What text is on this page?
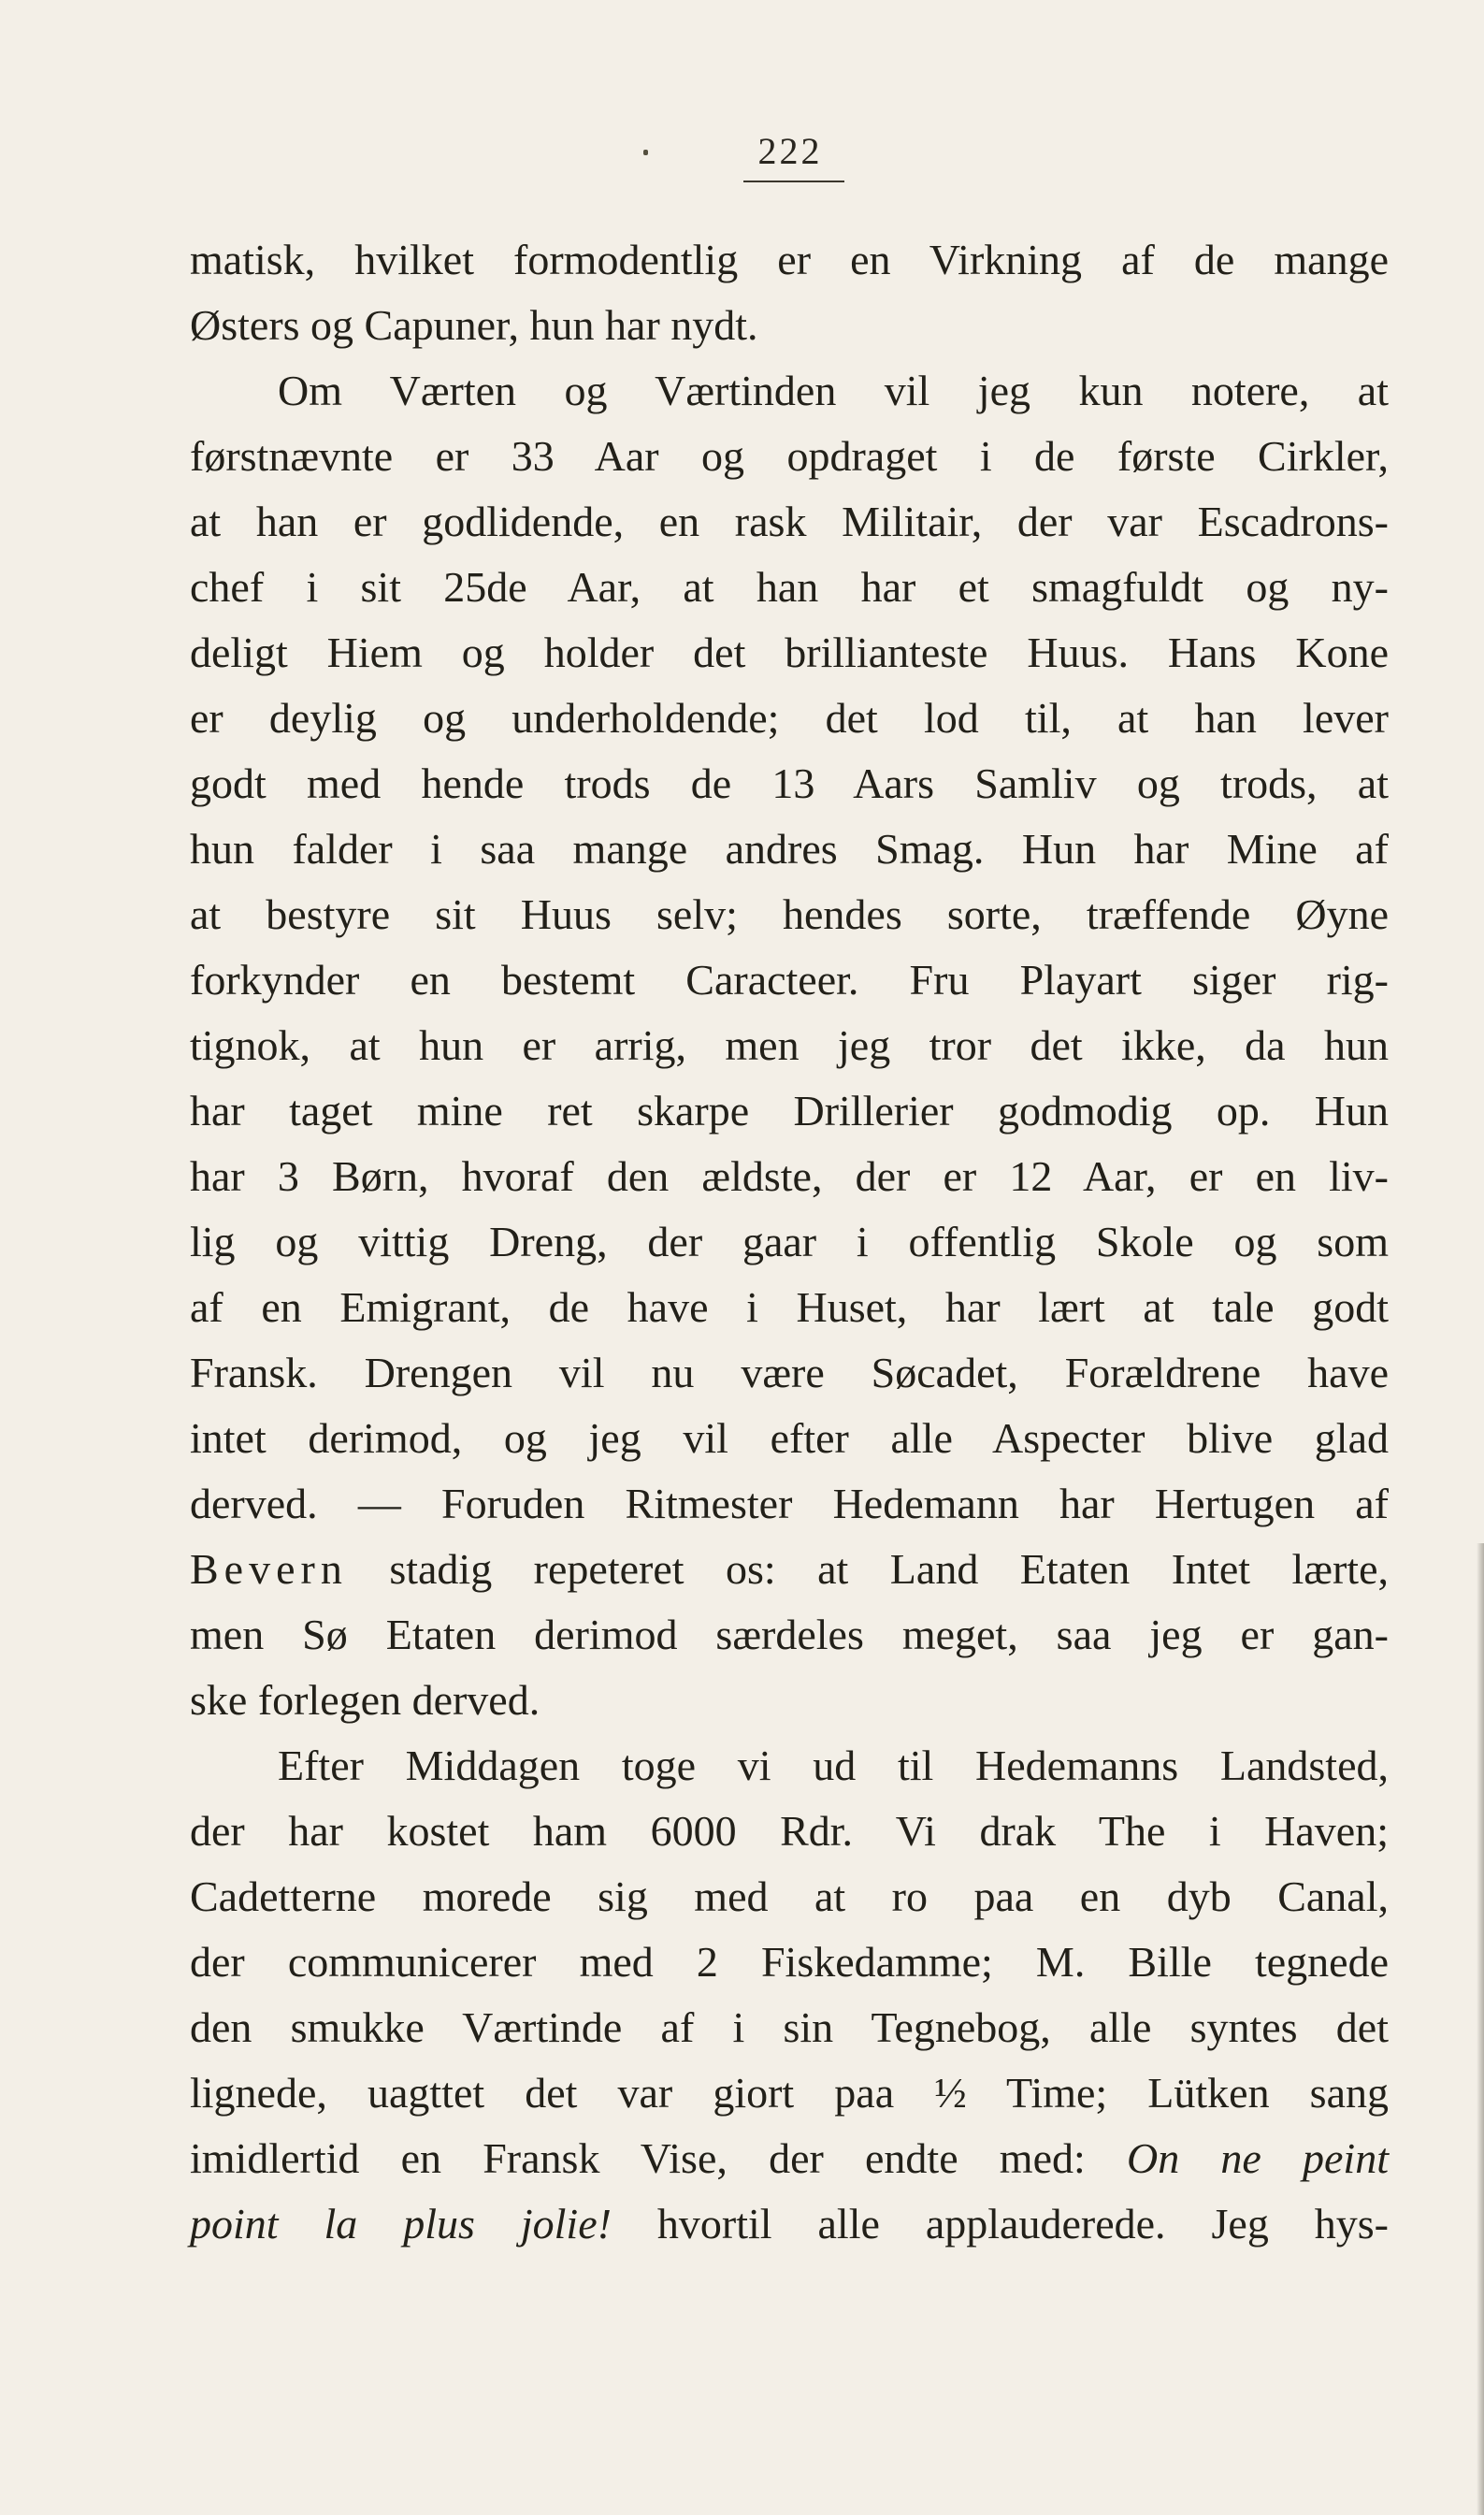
222
matisk, hvilket formodentlig er en Virkning af de mange
Østers og Capuner, hun har nydt.
Om Værten og Værtinden vil jeg kun notere, at
førstnævnte er 33 Aar og opdraget i de første Cirkler,
at han er godlidende, en rask Militair, der var Escadrons-
chef i sit 25de Aar, at han har et smagfuldt og ny-
deligt Hiem og holder det brillianteste Huus. Hans Kone
er deylig og underholdende; det lod til, at han lever
godt med hende trods de 13 Aars Samliv og trods, at
hun falder i saa mange andres Smag. Hun har Mine af
at bestyre sit Huus selv; hendes sorte, træffende Øyne
forkynder en bestemt Caracteer. Fru Playart siger rig-
tignok, at hun er arrig, men jeg tror det ikke, da hun
har taget mine ret skarpe Drillerier godmodig op. Hun
har 3 Børn, hvoraf den ældste, der er 12 Aar, er en liv-
lig og vittig Dreng, der gaar i offentlig Skole og som
af en Emigrant, de have i Huset, har lært at tale godt
Fransk. Drengen vil nu være Søcadet, Forældrene have
intet derimod, og jeg vil efter alle Aspecter blive glad
derved. — Foruden Ritmester Hedemann har Hertugen af
Bevern stadig repeteret os: at Land Etaten Intet lærte,
men Sø Etaten derimod særdeles meget, saa jeg er gan-
ske forlegen derved.
Efter Middagen toge vi ud til Hedemanns Landsted,
der har kostet ham 6000 Rdr. Vi drak The i Haven;
Cadetterne morede sig med at ro paa en dyb Canal,
der communicerer med 2 Fiskedamme; M. Bille tegnede
den smukke Værtinde af i sin Tegnebog, alle syntes det
lignede, uagttet det var giort paa ½ Time; Lütken sang
imidlertid en Fransk Vise, der endte med: On ne peint
point la plus jolie! hvortil alle applauderede. Jeg hys-
